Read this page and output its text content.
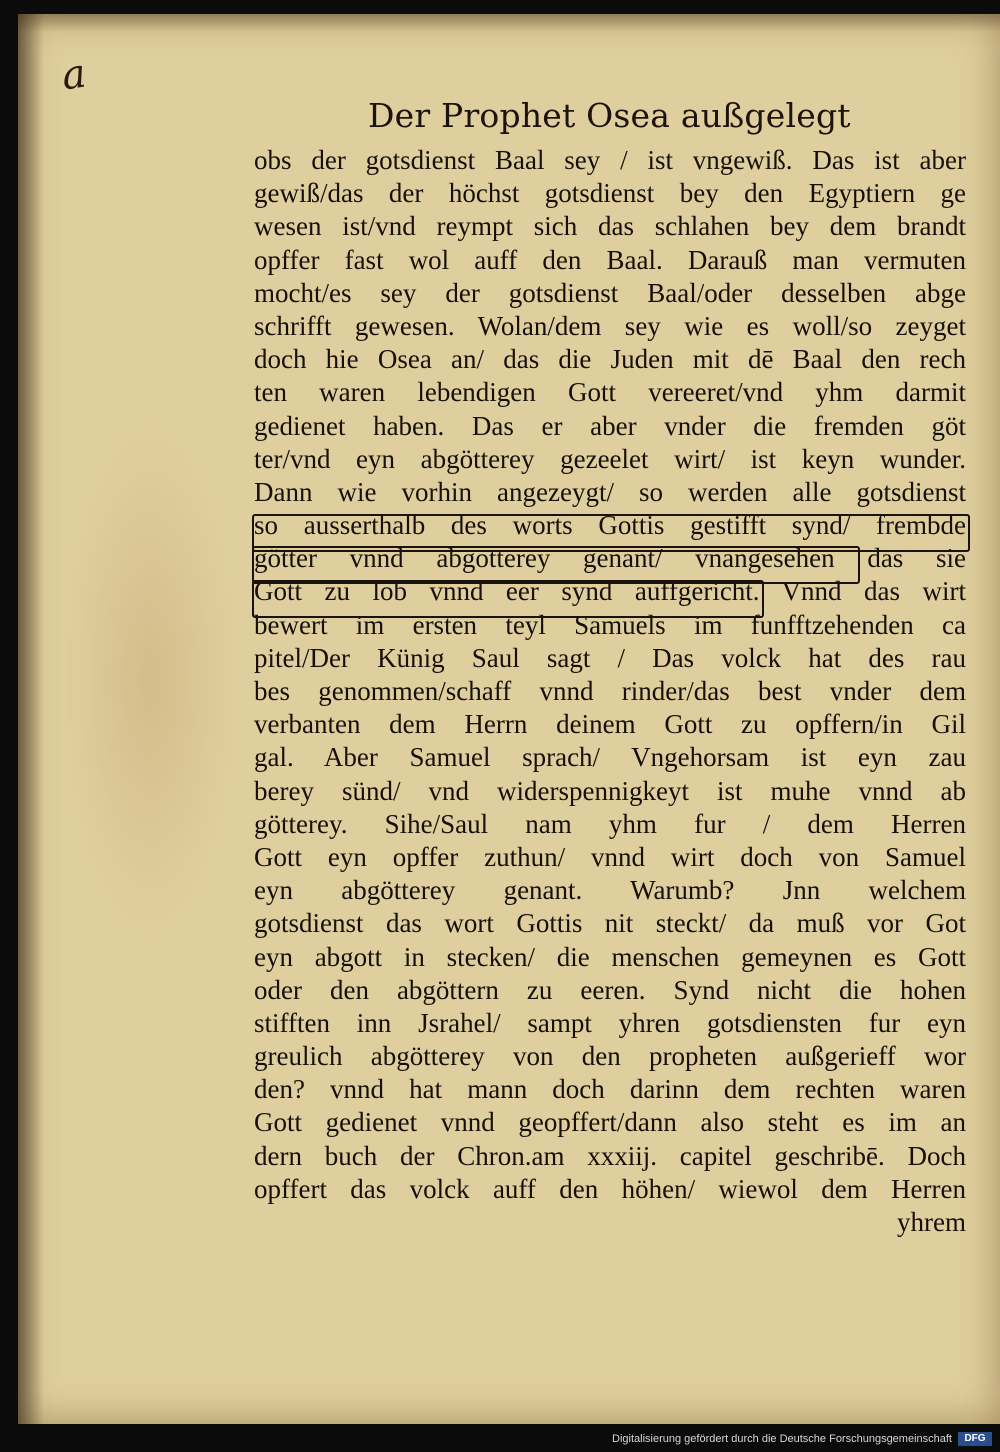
a
Der Prophet Osea außgelegt
obs der gotsdienst Baal sey / ist vngewiß. Das ist aber
gewiß/das der höchst gotsdienst bey den Egyptiern ge
wesen ist/vnd reympt sich das schlahen bey dem brandt
opffer fast wol auff den Baal. Darauß man vermuten
mocht/es sey der gotsdienst Baal/oder desselben abge
schrifft gewesen. Wolan/dem sey wie es woll/so zeyget
doch hie Osea an/ das die Juden mit dē Baal den rech
ten waren lebendigen Gott vereeret/vnd yhm darmit
gedienet haben. Das er aber vnder die fremden göt
ter/vnd eyn abgötterey gezeelet wirt/ ist keyn wunder.
Dann wie vorhin angezeygt/ so werden alle gotsdienst
so ausserthalb des worts Gottis gestifft synd/ frembde
götter vnnd abgotterey genant/ vnangesehen das sie
Gott zu lob vnnd eer synd auffgericht. Vnnd das wirt
bewert im ersten teyl Samuels im funfftzehenden ca
pitel/Der Künig Saul sagt / Das volck hat des rau
bes genommen/schaff vnnd rinder/das best vnder dem
verbanten dem Herrn deinem Gott zu opffern/in Gil
gal. Aber Samuel sprach/ Vngehorsam ist eyn zau
berey sünd/ vnd widerspennigkeyt ist muhe vnnd ab
götterey. Sihe/Saul nam yhm fur / dem Herren
Gott eyn opffer zuthun/ vnnd wirt doch von Samuel
eyn abgötterey genant. Warumb? Jnn welchem
gotsdienst das wort Gottis nit steckt/ da muß vor Got
eyn abgott in stecken/ die menschen gemeynen es Gott
oder den abgöttern zu eeren. Synd nicht die hohen
stifften inn Jsrahel/ sampt yhren gotsdiensten fur eyn
greulich abgötterey von den propheten außgerieff wor
den? vnnd hat mann doch darinn dem rechten waren
Gott gedienet vnnd geopffert/dann also steht es im an
dern buch der Chron.am xxxiij. capitel geschribē. Doch
opffert das volck auff den höhen/ wiewol dem Herren
yhrem
Digitalisierung gefördert durch die Deutsche Forschungsgemeinschaft	DFG
